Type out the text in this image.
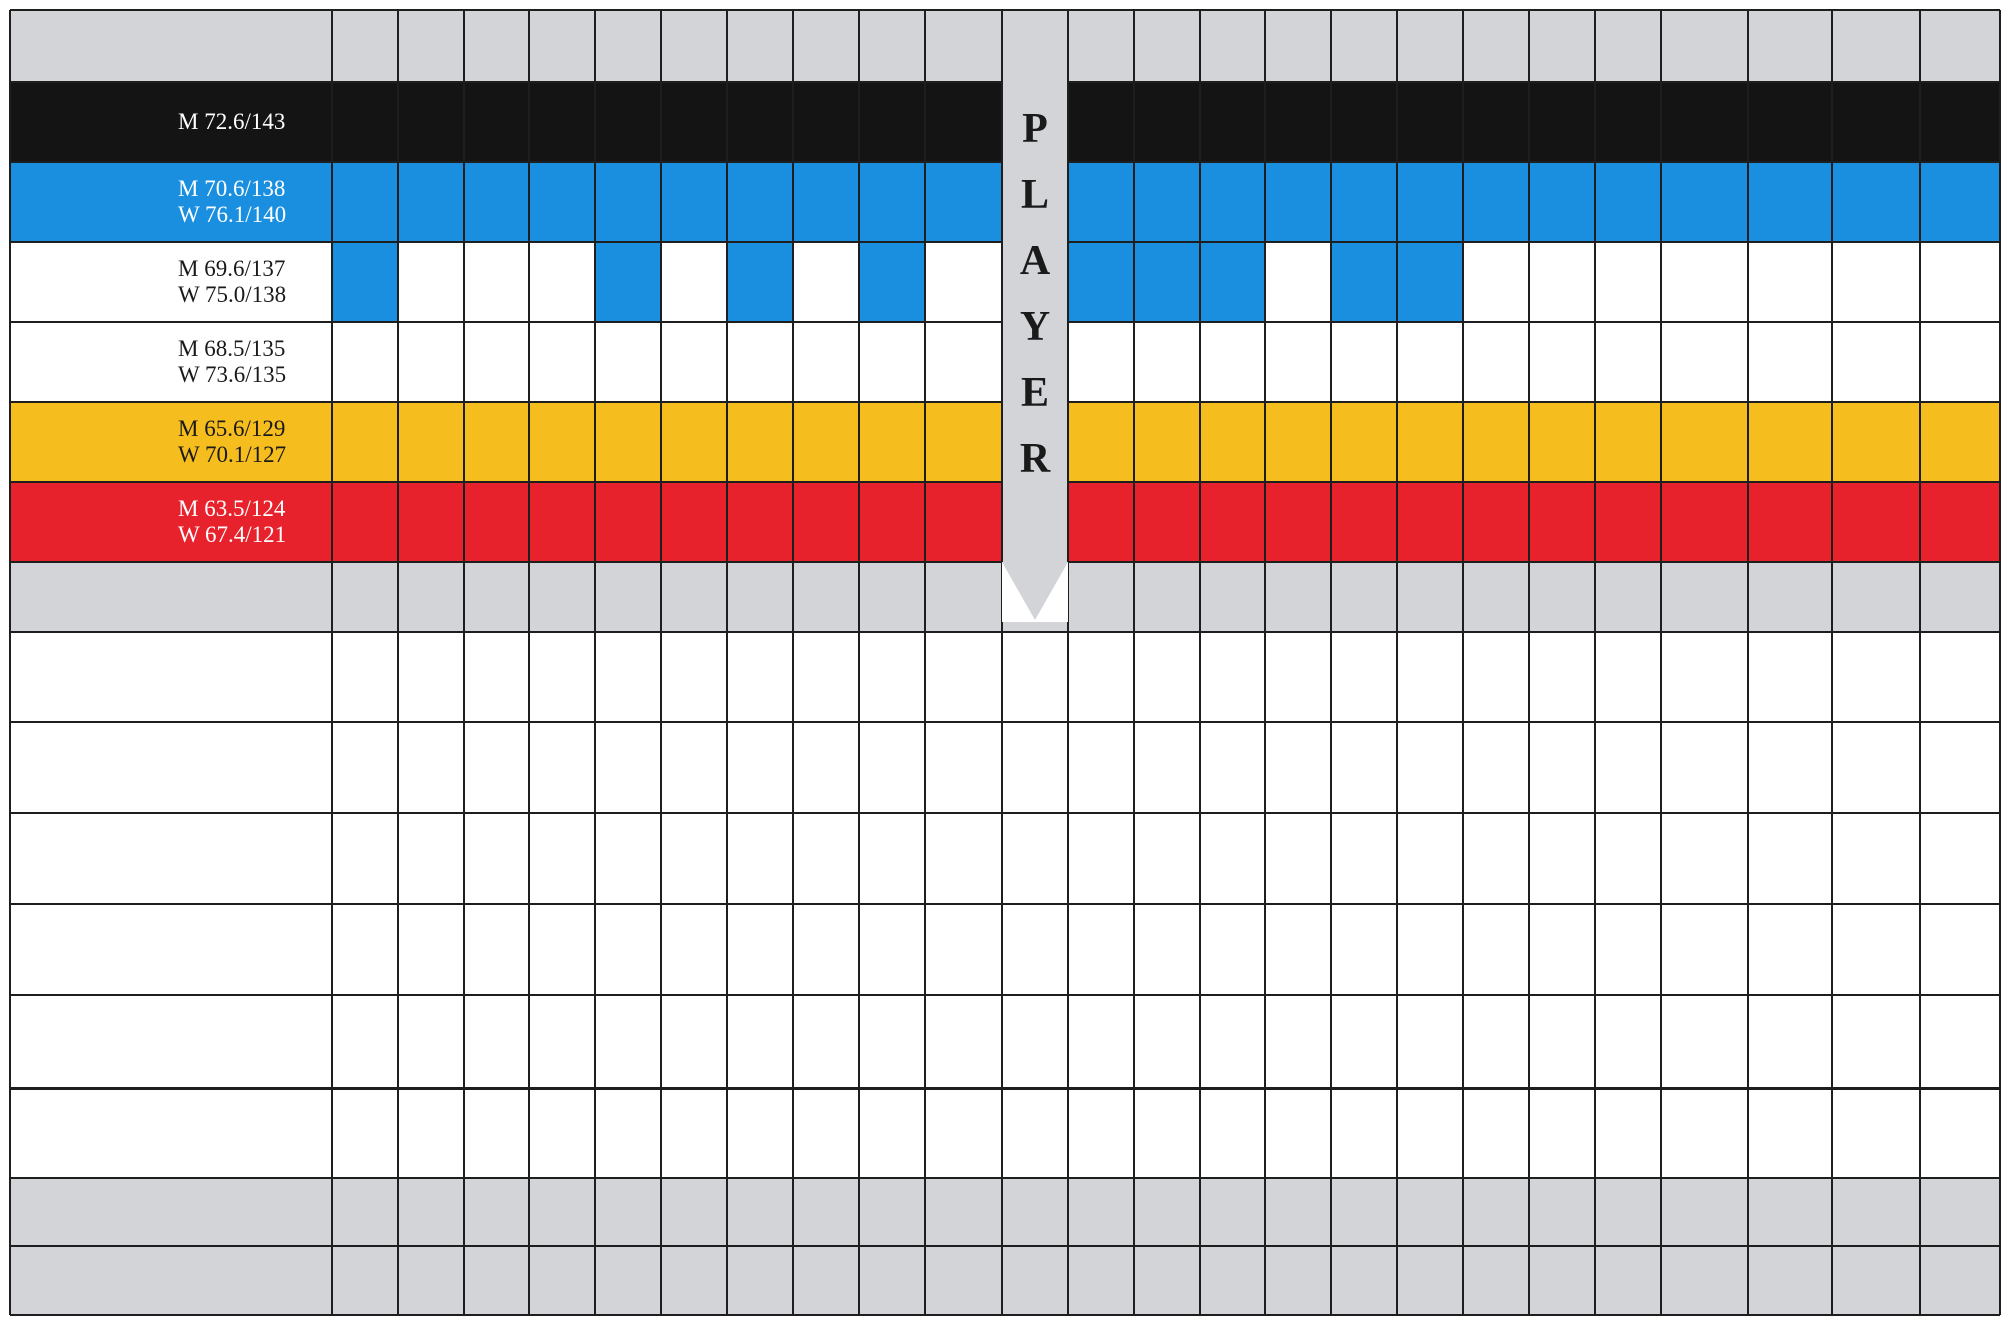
M 72.6/143
M 70.6/138
W 76.1/140
M 69.6/137
W 75.0/138
M 68.5/135
W 73.6/135
M 65.6/129
W 70.1/127
M 63.5/124
W 67.4/121
P
L
A
Y
E
R
